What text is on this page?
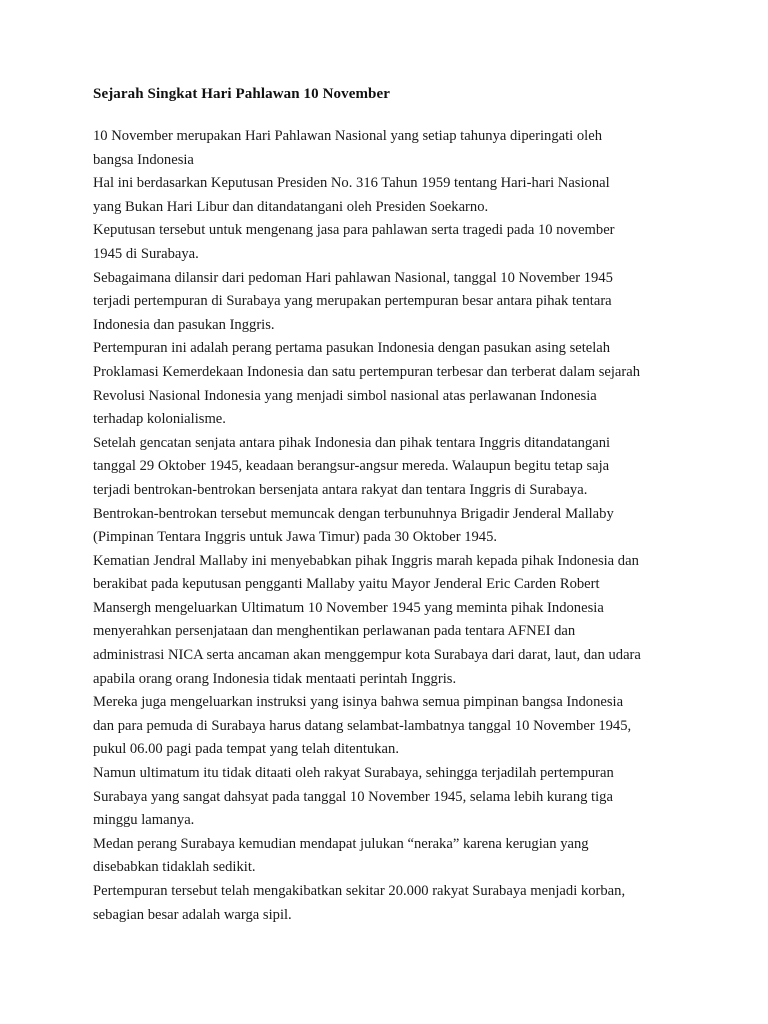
Sejarah Singkat Hari Pahlawan 10 November
10 November merupakan Hari Pahlawan Nasional yang setiap tahunya diperingati oleh
bangsa Indonesia
Hal ini berdasarkan Keputusan Presiden No. 316 Tahun 1959 tentang Hari-hari Nasional
yang Bukan Hari Libur dan ditandatangani oleh Presiden Soekarno.
Keputusan tersebut untuk mengenang jasa para pahlawan serta tragedi pada 10 november
1945 di Surabaya.
Sebagaimana dilansir dari pedoman Hari pahlawan Nasional, tanggal 10 November 1945
terjadi pertempuran di Surabaya yang merupakan pertempuran besar antara pihak tentara
Indonesia dan pasukan Inggris.
Pertempuran ini adalah perang pertama pasukan Indonesia dengan pasukan asing setelah
Proklamasi Kemerdekaan Indonesia dan satu pertempuran terbesar dan terberat dalam sejarah
Revolusi Nasional Indonesia yang menjadi simbol nasional atas perlawanan Indonesia
terhadap kolonialisme.
Setelah gencatan senjata antara pihak Indonesia dan pihak tentara Inggris ditandatangani
tanggal 29 Oktober 1945, keadaan berangsur-angsur mereda. Walaupun begitu tetap saja
terjadi bentrokan-bentrokan bersenjata antara rakyat dan tentara Inggris di Surabaya.
Bentrokan-bentrokan tersebut memuncak dengan terbunuhnya Brigadir Jenderal Mallaby
(Pimpinan Tentara Inggris untuk Jawa Timur) pada 30 Oktober 1945.
Kematian Jendral Mallaby ini menyebabkan pihak Inggris marah kepada pihak Indonesia dan
berakibat pada keputusan pengganti Mallaby yaitu Mayor Jenderal Eric Carden Robert
Mansergh mengeluarkan Ultimatum 10 November 1945 yang meminta pihak Indonesia
menyerahkan persenjataan dan menghentikan perlawanan pada tentara AFNEI dan
administrasi NICA serta ancaman akan menggempur kota Surabaya dari darat, laut, dan udara
apabila orang orang Indonesia tidak mentaati perintah Inggris.
Mereka juga mengeluarkan instruksi yang isinya bahwa semua pimpinan bangsa Indonesia
dan para pemuda di Surabaya harus datang selambat-lambatnya tanggal 10 November 1945,
pukul 06.00 pagi pada tempat yang telah ditentukan.
Namun ultimatum itu tidak ditaati oleh rakyat Surabaya, sehingga terjadilah pertempuran
Surabaya yang sangat dahsyat pada tanggal 10 November 1945, selama lebih kurang tiga
minggu lamanya.
Medan perang Surabaya kemudian mendapat julukan “neraka” karena kerugian yang
disebabkan tidaklah sedikit.
Pertempuran tersebut telah mengakibatkan sekitar 20.000 rakyat Surabaya menjadi korban,
sebagian besar adalah warga sipil.
